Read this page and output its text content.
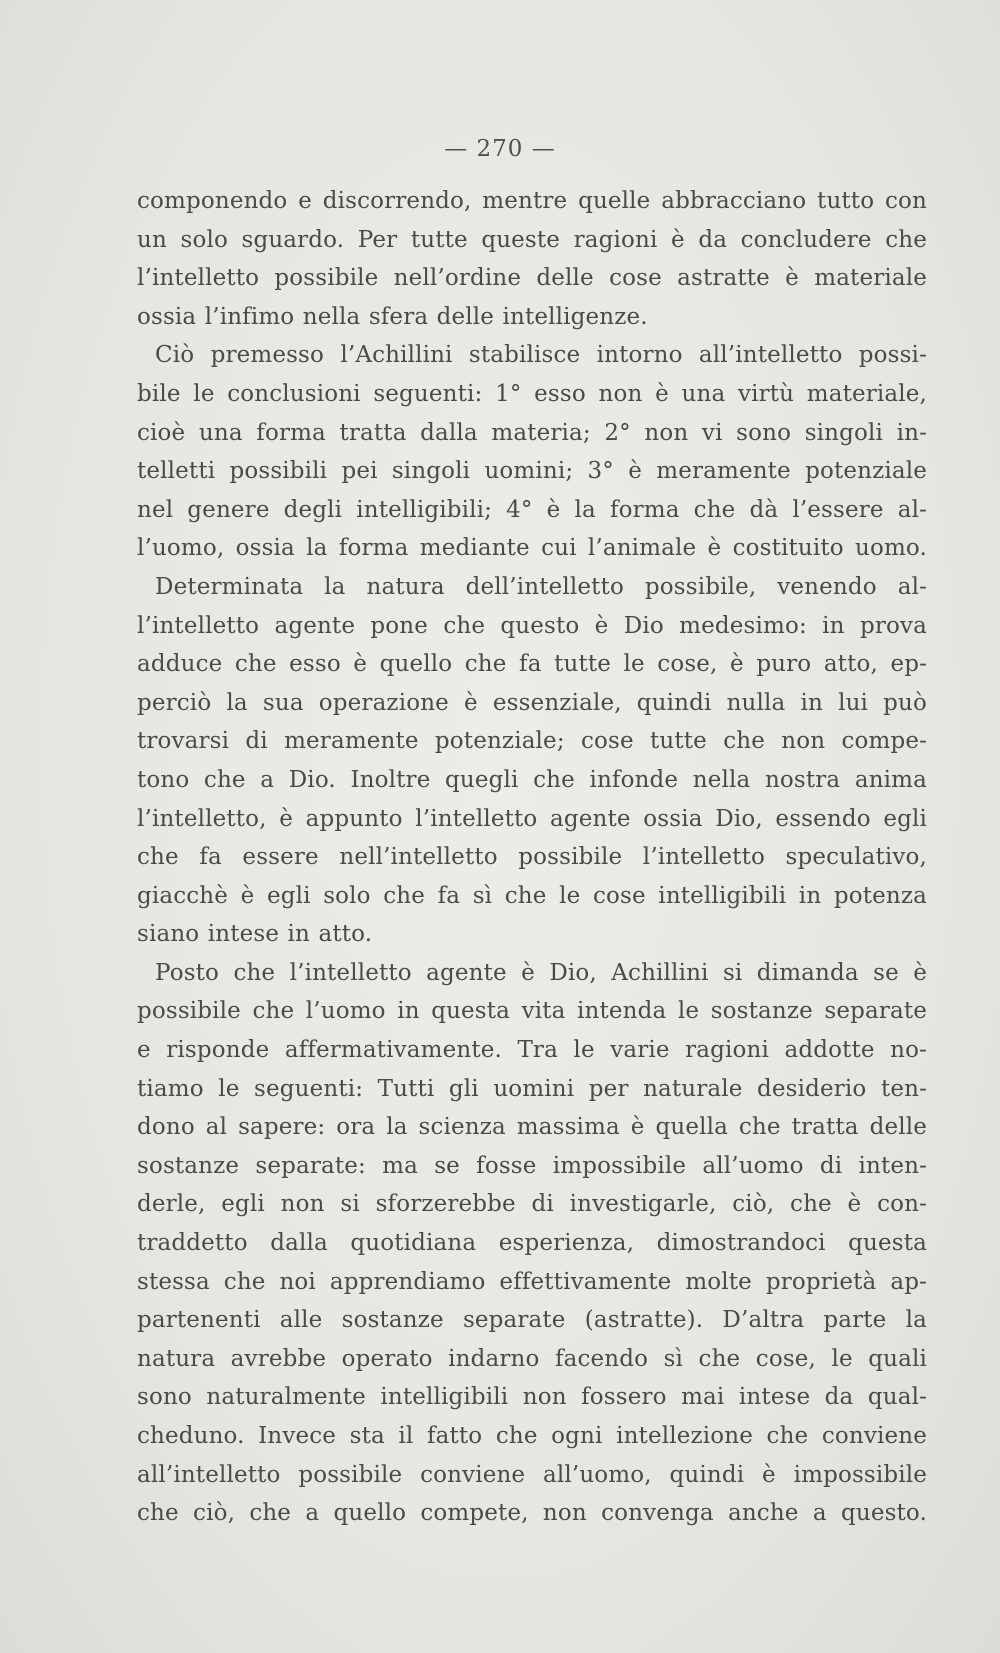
— 270 —
componendo e discorrendo, mentre quelle abbracciano tutto con
un solo sguardo. Per tutte queste ragioni è da concludere che
l’intelletto possibile nell’ordine delle cose astratte è materiale
ossia l’infimo nella sfera delle intelligenze.
Ciò premesso l’Achillini stabilisce intorno all’intelletto possi-
bile le conclusioni seguenti: 1° esso non è una virtù materiale,
cioè una forma tratta dalla materia; 2° non vi sono singoli in-
telletti possibili pei singoli uomini; 3° è meramente potenziale
nel genere degli intelligibili; 4° è la forma che dà l’essere al-
l’uomo, ossia la forma mediante cui l’animale è costituito uomo.
Determinata la natura dell’intelletto possibile, venendo al-
l’intelletto agente pone che questo è Dio medesimo: in prova
adduce che esso è quello che fa tutte le cose, è puro atto, ep-
perciò la sua operazione è essenziale, quindi nulla in lui può
trovarsi di meramente potenziale; cose tutte che non compe-
tono che a Dio. Inoltre quegli che infonde nella nostra anima
l’intelletto, è appunto l’intelletto agente ossia Dio, essendo egli
che fa essere nell’intelletto possibile l’intelletto speculativo,
giacchè è egli solo che fa sì che le cose intelligibili in potenza
siano intese in atto.
Posto che l’intelletto agente è Dio, Achillini si dimanda se è
possibile che l’uomo in questa vita intenda le sostanze separate
e risponde affermativamente. Tra le varie ragioni addotte no-
tiamo le seguenti: Tutti gli uomini per naturale desiderio ten-
dono al sapere: ora la scienza massima è quella che tratta delle
sostanze separate: ma se fosse impossibile all’uomo di inten-
derle, egli non si sforzerebbe di investigarle, ciò, che è con-
traddetto dalla quotidiana esperienza, dimostrandoci questa
stessa che noi apprendiamo effettivamente molte proprietà ap-
partenenti alle sostanze separate (astratte). D’altra parte la
natura avrebbe operato indarno facendo sì che cose, le quali
sono naturalmente intelligibili non fossero mai intese da qual-
cheduno. Invece sta il fatto che ogni intellezione che conviene
all’intelletto possibile conviene all’uomo, quindi è impossibile
che ciò, che a quello compete, non convenga anche a questo.
